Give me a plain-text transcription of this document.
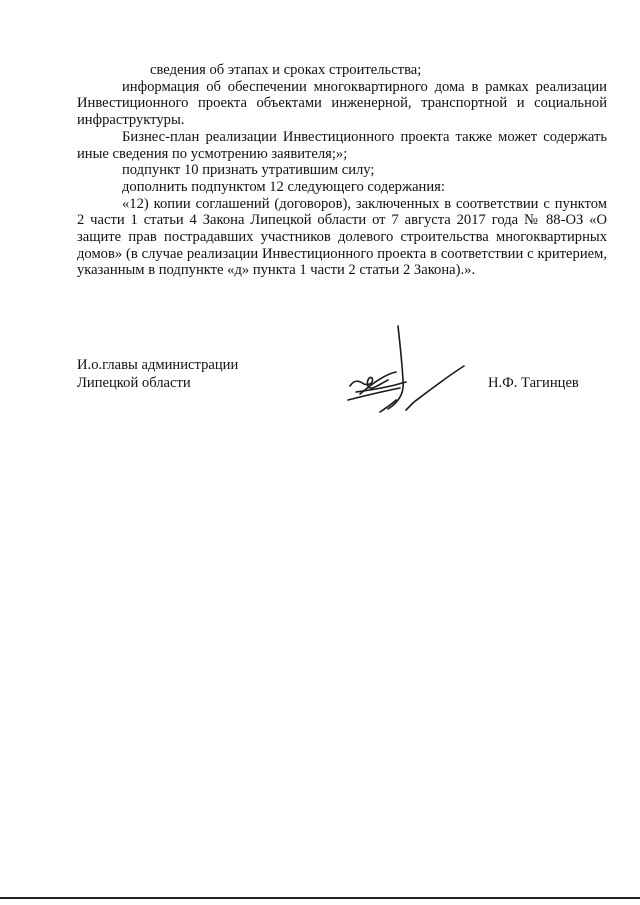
сведения об этапах и сроках строительства;

информация об обеспечении многоквартирного дома в рамках реализации Инвестиционного проекта объектами инженерной, транспортной и социальной инфраструктуры.

Бизнес-план реализации Инвестиционного проекта также может содержать иные сведения по усмотрению заявителя;»;

подпункт 10 признать утратившим силу;

дополнить подпунктом 12 следующего содержания:

«12) копии соглашений (договоров), заключенных в соответствии с пунктом 2 части 1 статьи 4 Закона Липецкой области от 7 августа 2017 года № 88-ОЗ «О защите прав пострадавших участников долевого строительства многоквартирных домов» (в случае реализации Инвестиционного проекта в соответствии с критерием, указанным в подпункте «д» пункта 1 части 2 статьи 2 Закона).».

И.о.главы администрации
Липецкой области	Н.Ф. Тагинцев
